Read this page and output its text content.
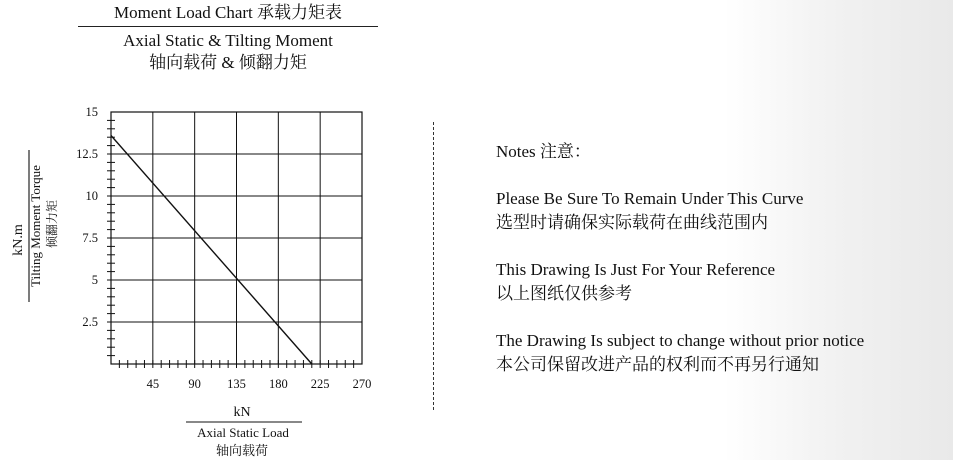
Moment Load Chart 承载力矩表
Axial Static & Tilting Moment
轴向载荷 & 倾翻力矩
15
12.5
10
7.5
5
2.5
45 90 135 180 225 270
kN.m Tilting Moment Torque 倾翻力矩
kN
Axial Static Load
轴向载荷
Notes 注意：
Please Be Sure To Remain Under This Curve
选型时请确保实际载荷在曲线范围内
This Drawing Is Just For Your Reference
以上图纸仅供参考
The Drawing Is subject to change without prior notice
本公司保留改进产品的权利而不再另行通知
